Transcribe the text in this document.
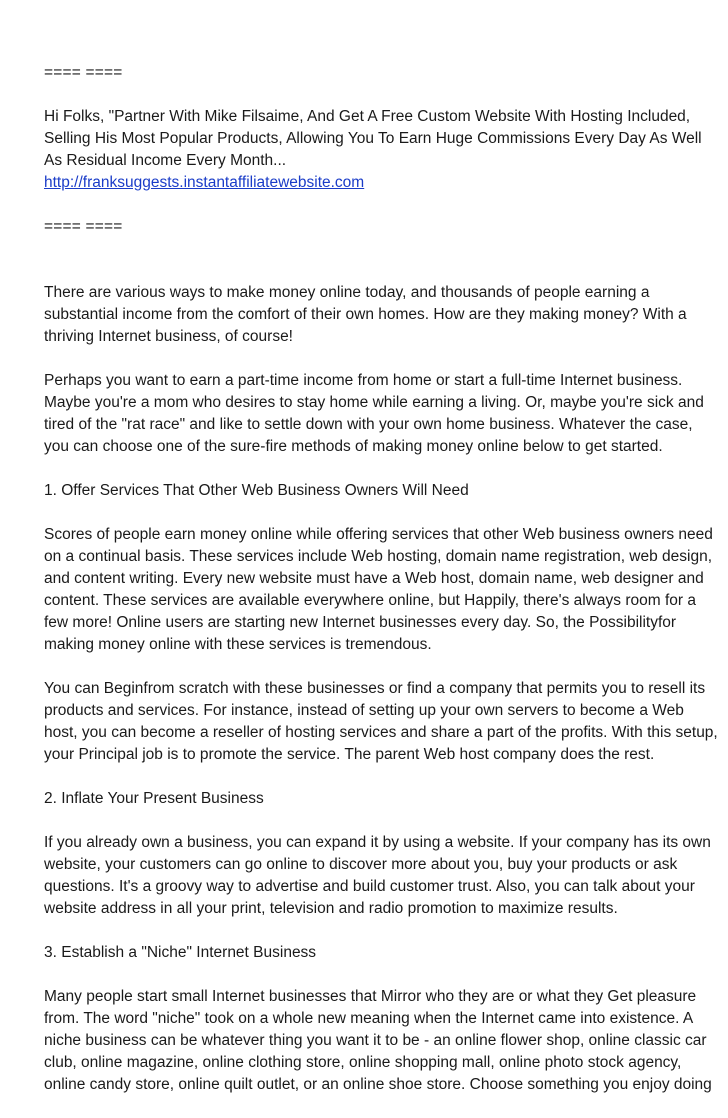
==== ====
Hi Folks, "Partner With Mike Filsaime, And Get A Free Custom Website With Hosting Included,
Selling His Most Popular Products, Allowing You To Earn Huge Commissions Every Day As Well
As Residual Income Every Month...
http://franksuggests.instantaffiliatewebsite.com
==== ====
There are various ways to make money online today, and thousands of people earning a
substantial income from the comfort of their own homes. How are they making money? With a
thriving Internet business, of course!
Perhaps you want to earn a part-time income from home or start a full-time Internet business.
Maybe you're a mom who desires to stay home while earning a living. Or, maybe you're sick and
tired of the "rat race" and like to settle down with your own home business. Whatever the case,
you can choose one of the sure-fire methods of making money online below to get started.
1. Offer Services That Other Web Business Owners Will Need
Scores of people earn money online while offering services that other Web business owners need
on a continual basis. These services include Web hosting, domain name registration, web design,
and content writing. Every new website must have a Web host, domain name, web designer and
content. These services are available everywhere online, but Happily, there's always room for a
few more! Online users are starting new Internet businesses every day. So, the Possibilityfor
making money online with these services is tremendous.
You can Beginfrom scratch with these businesses or find a company that permits you to resell its
products and services. For instance, instead of setting up your own servers to become a Web
host, you can become a reseller of hosting services and share a part of the profits. With this setup,
your Principal job is to promote the service. The parent Web host company does the rest.
2. Inflate Your Present Business
If you already own a business, you can expand it by using a website. If your company has its own
website, your customers can go online to discover more about you, buy your products or ask
questions. It's a groovy way to advertise and build customer trust. Also, you can talk about your
website address in all your print, television and radio promotion to maximize results.
3. Establish a "Niche" Internet Business
Many people start small Internet businesses that Mirror who they are or what they Get pleasure
from. The word "niche" took on a whole new meaning when the Internet came into existence. A
niche business can be whatever thing you want it to be - an online flower shop, online classic car
club, online magazine, online clothing store, online shopping mall, online photo stock agency,
online candy store, online quilt outlet, or an online shoe store. Choose something you enjoy doing
